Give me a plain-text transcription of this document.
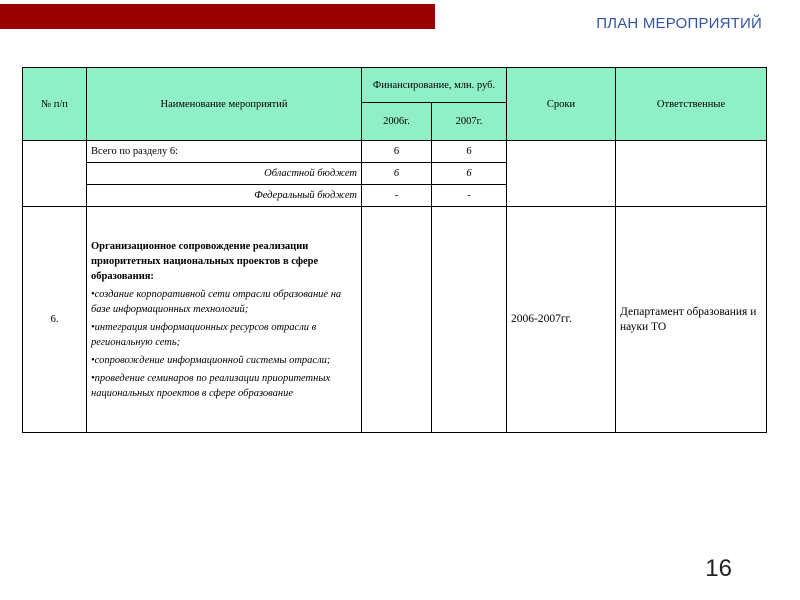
ПЛАН МЕРОПРИЯТИЙ
№ п/п	Наименование мероприятий	Финансирование, млн. руб.		Сроки	Ответственные
		2006г.	2007г.		
	Всего по разделу 6:	6	6		
	Областной бюджет	6	6		
	Федеральный бюджет	-	-		
6.	Организационное сопровождение реализации приоритетных национальных проектов в сфере образования:
•создание корпоративной сети отрасли образование на базе информационных технологий;
•интеграция информационных ресурсов отрасли в региональную сеть;
•сопровождение информационной системы отрасли;
•проведение семинаров по реализации приоритетных национальных проектов в сфере образование			2006-2007гг.	Департамент образования и науки ТО
16
